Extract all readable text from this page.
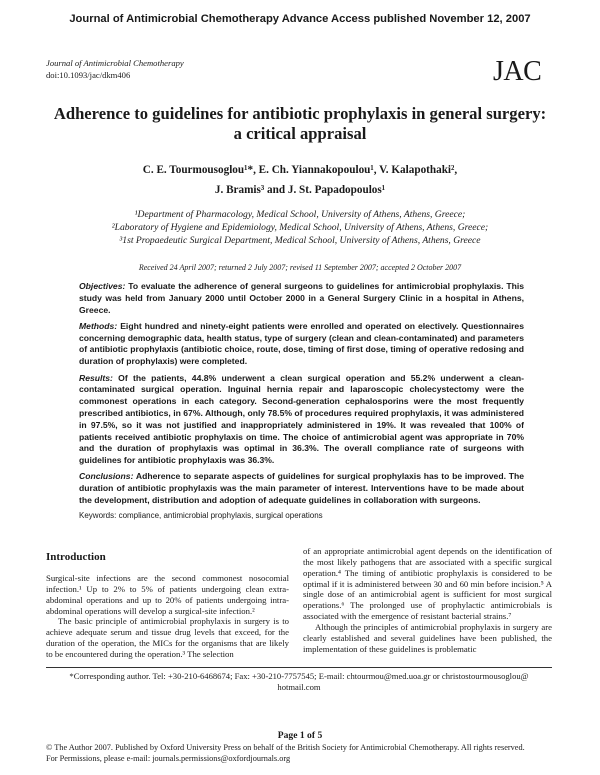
Journal of Antimicrobial Chemotherapy Advance Access published November 12, 2007
Journal of Antimicrobial Chemotherapy
doi:10.1093/jac/dkm406	JAC
Adherence to guidelines for antibiotic prophylaxis in general surgery:
a critical appraisal
C. E. Tourmousoglou¹*, E. Ch. Yiannakopoulou¹, V. Kalapothaki²,
J. Bramis³ and J. St. Papadopoulos¹
¹Department of Pharmacology, Medical School, University of Athens, Athens, Greece;
²Laboratory of Hygiene and Epidemiology, Medical School, University of Athens, Athens, Greece;
³1st Propaedeutic Surgical Department, Medical School, University of Athens, Athens, Greece
Received 24 April 2007; returned 2 July 2007; revised 11 September 2007; accepted 2 October 2007

Objectives: To evaluate the adherence of general surgeons to guidelines for antimicrobial prophylaxis. This study was held from January 2000 until October 2000 in a General Surgery Clinic in a hospital in Athens, Greece.

Methods: Eight hundred and ninety-eight patients were enrolled and operated on electively. Questionnaires concerning demographic data, health status, type of surgery (clean and clean-contaminated) and parameters of antibiotic prophylaxis (antibiotic choice, route, dose, timing of first dose, timing of operative redosing and duration of prophylaxis) were completed.

Results: Of the patients, 44.8% underwent a clean surgical operation and 55.2% underwent a clean-contaminated surgical operation. Inguinal hernia repair and laparoscopic cholecystectomy were the commonest operations in each category. Second-generation cephalosporins were the most frequently prescribed antibiotics, in 67%. Although, only 78.5% of procedures required prophylaxis, it was administered in 97.5%, so it was not justified and inappropriately administered in 19%. It was revealed that 100% of patients received antibiotic prophylaxis on time. The choice of antimicrobial agent was appropriate in 70% and the duration of prophylaxis was optimal in 36.3%. The overall compliance rate of surgeons with guidelines for antibiotic prophylaxis was 36.3%.

Conclusions: Adherence to separate aspects of guidelines for surgical prophylaxis has to be improved. The duration of antibiotic prophylaxis was the main parameter of interest. Interventions have to be made about the development, distribution and adoption of adequate guidelines in collaboration with surgeons.

Keywords: compliance, antimicrobial prophylaxis, surgical operations
Introduction

Surgical-site infections are the second commonest nosocomial infection.¹ Up to 2% to 5% of patients undergoing clean extra-abdominal operations and up to 20% of patients undergoing intra-abdominal operations will develop a surgical-site infection.²

The basic principle of antimicrobial prophylaxis in surgery is to achieve adequate serum and tissue drug levels that exceed, for the duration of the operation, the MICs for the organisms that are likely to be encountered during the operation.³ The selection

of an appropriate antimicrobial agent depends on the identification of the most likely pathogens that are associated with a specific surgical operation.⁴ The timing of antibiotic prophylaxis is considered to be optimal if it is administered between 30 and 60 min before incision.⁵ A single dose of an antimicrobial agent is sufficient for most surgical operations.⁶ The prolonged use of prophylactic antimicrobials is associated with the emergence of resistant bacterial strains.⁷

Although the principles of antimicrobial prophylaxis in surgery are clearly established and several guidelines have been published, the implementation of these guidelines is problematic

*Corresponding author. Tel: +30-210-6468674; Fax: +30-210-7757545; E-mail: chtourmou@med.uoa.gr or christostourmousoglou@
hotmail.com
Page 1 of 5
© The Author 2007. Published by Oxford University Press on behalf of the British Society for Antimicrobial Chemotherapy. All rights reserved.
For Permissions, please e-mail: journals.permissions@oxfordjournals.org
